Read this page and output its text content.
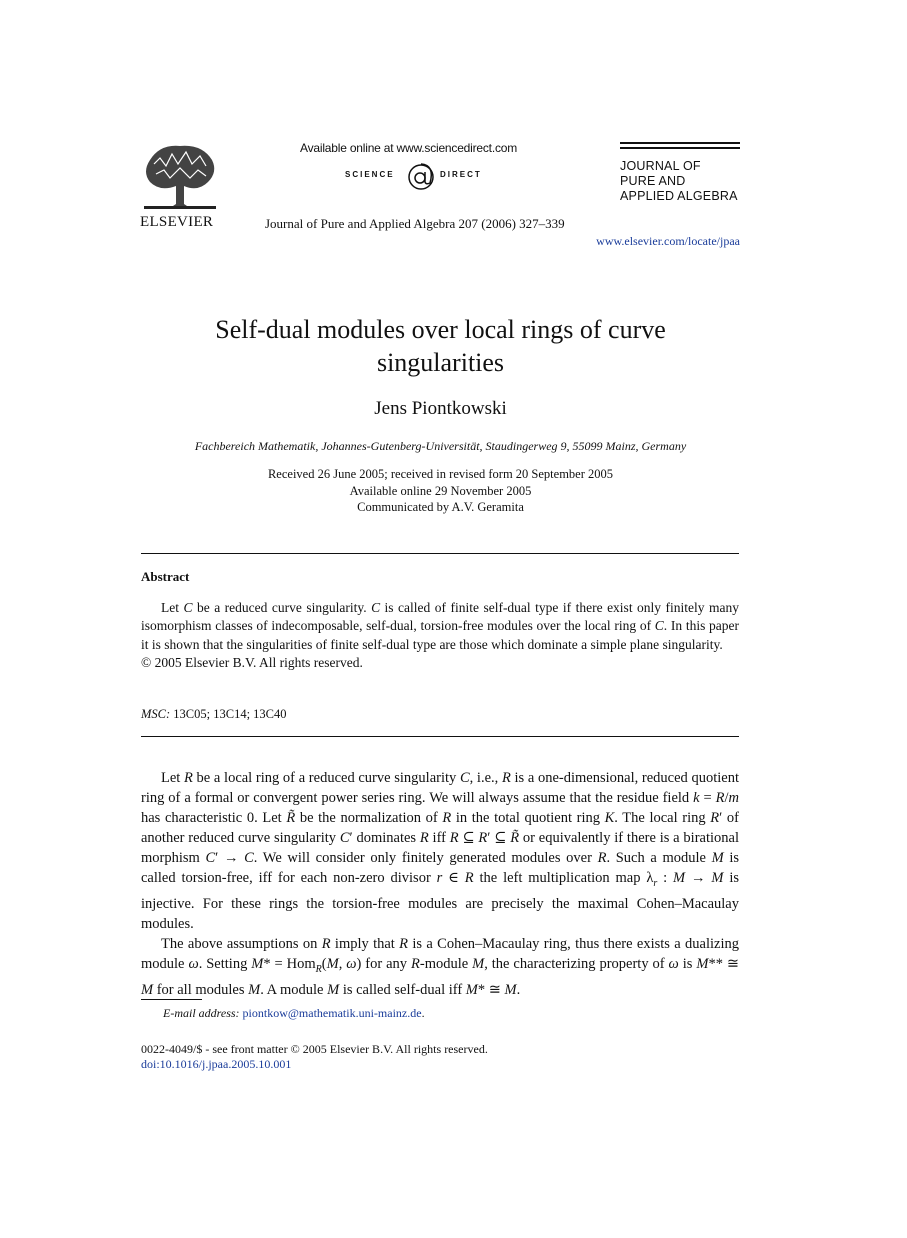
ELSEVIER
Available online at www.sciencedirect.com
SCIENCE	DIRECT
Journal of Pure and Applied Algebra 207 (2006) 327–339
JOURNAL OF
PURE AND
APPLIED ALGEBRA
www.elsevier.com/locate/jpaa
Self-dual modules over local rings of curve
singularities
Jens Piontkowski
Fachbereich Mathematik, Johannes-Gutenberg-Universität, Staudingerweg 9, 55099 Mainz, Germany
Received 26 June 2005; received in revised form 20 September 2005
Available online 29 November 2005
Communicated by A.V. Geramita
Abstract

Let C be a reduced curve singularity. C is called of finite self-dual type if there exist only finitely many isomorphism classes of indecomposable, self-dual, torsion-free modules over the local ring of C. In this paper it is shown that the singularities of finite self-dual type are those which dominate a simple plane singularity.

© 2005 Elsevier B.V. All rights reserved.
MSC: 13C05; 13C14; 13C40

Let R be a local ring of a reduced curve singularity C, i.e., R is a one-dimensional, reduced quotient ring of a formal or convergent power series ring. We will always assume that the residue field k = R/m has characteristic 0. Let R̃ be the normalization of R in the total quotient ring K. The local ring R′ of another reduced curve singularity C′ dominates R iff R ⊆ R′ ⊆ R̃ or equivalently if there is a birational morphism C′ → C. We will consider only finitely generated modules over R. Such a module M is called torsion-free, iff for each non-zero divisor r ∈ R the left multiplication map $\lambda_r$ : M → M is injective. For these rings the torsion-free modules are precisely the maximal Cohen–Macaulay modules.

The above assumptions on R imply that R is a Cohen–Macaulay ring, thus there exists a dualizing module ω. Setting M* = Hom$_R$(M, ω) for any R-module M, the characterizing property of ω is M** ≅ M for all modules M. A module M is called self-dual iff M* ≅ M.

E-mail address: piontkow@mathematik.uni-mainz.de.
0022-4049/$ - see front matter © 2005 Elsevier B.V. All rights reserved.
doi:10.1016/j.jpaa.2005.10.001
